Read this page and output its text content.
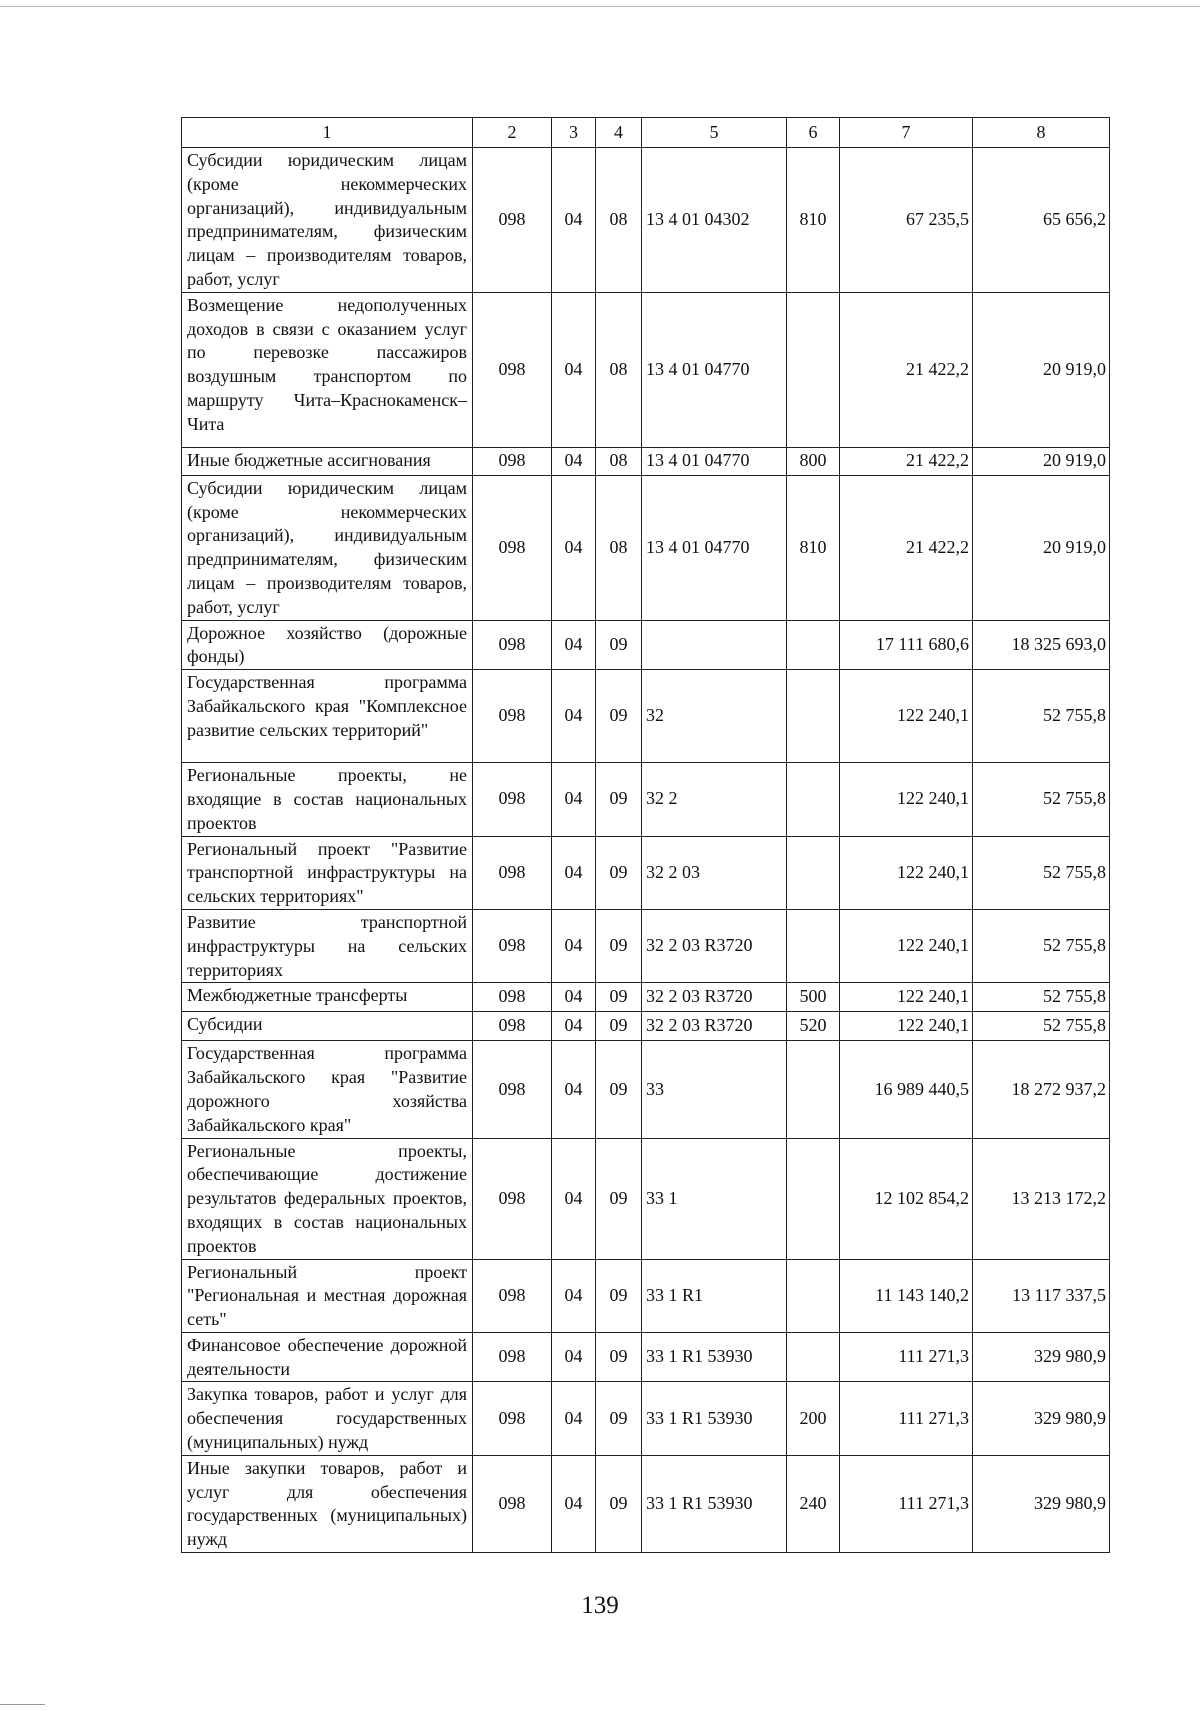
1	2	3	4	5	6	7	8
Субсидии юридическим лицам (кроме некоммерческих организаций), индивидуальным предпринимателям, физическим лицам – производителям товаров, работ, услуг	098	04	08	13 4 01 04302	810	67 235,5	65 656,2
Возмещение недополученных доходов в связи с оказанием услуг по перевозке пассажиров воздушным транспортом по маршруту Чита–Краснокаменск–Чита	098	04	08	13 4 01 04770		21 422,2	20 919,0
Иные бюджетные ассигнования	098	04	08	13 4 01 04770	800	21 422,2	20 919,0
Субсидии юридическим лицам (кроме некоммерческих организаций), индивидуальным предпринимателям, физическим лицам – производителям товаров, работ, услуг	098	04	08	13 4 01 04770	810	21 422,2	20 919,0
Дорожное хозяйство (дорожные фонды)	098	04	09			17 111 680,6	18 325 693,0
Государственная программа Забайкальского края "Комплексное развитие сельских территорий"	098	04	09	32		122 240,1	52 755,8
Региональные проекты, не входящие в состав национальных проектов	098	04	09	32 2		122 240,1	52 755,8
Региональный проект "Развитие транспортной инфраструктуры на сельских территориях"	098	04	09	32 2 03		122 240,1	52 755,8
Развитие транспортной инфраструктуры на сельских территориях	098	04	09	32 2 03 R3720		122 240,1	52 755,8
Межбюджетные трансферты	098	04	09	32 2 03 R3720	500	122 240,1	52 755,8
Субсидии	098	04	09	32 2 03 R3720	520	122 240,1	52 755,8
Государственная программа Забайкальского края "Развитие дорожного хозяйства Забайкальского края"	098	04	09	33		16 989 440,5	18 272 937,2
Региональные проекты, обеспечивающие достижение результатов федеральных проектов, входящих в состав национальных проектов	098	04	09	33 1		12 102 854,2	13 213 172,2
Региональный проект "Региональная и местная дорожная сеть"	098	04	09	33 1 R1		11 143 140,2	13 117 337,5
Финансовое обеспечение дорожной деятельности	098	04	09	33 1 R1 53930		111 271,3	329 980,9
Закупка товаров, работ и услуг для обеспечения государственных (муниципальных) нужд	098	04	09	33 1 R1 53930	200	111 271,3	329 980,9
Иные закупки товаров, работ и услуг для обеспечения государственных (муниципальных) нужд	098	04	09	33 1 R1 53930	240	111 271,3	329 980,9
139
